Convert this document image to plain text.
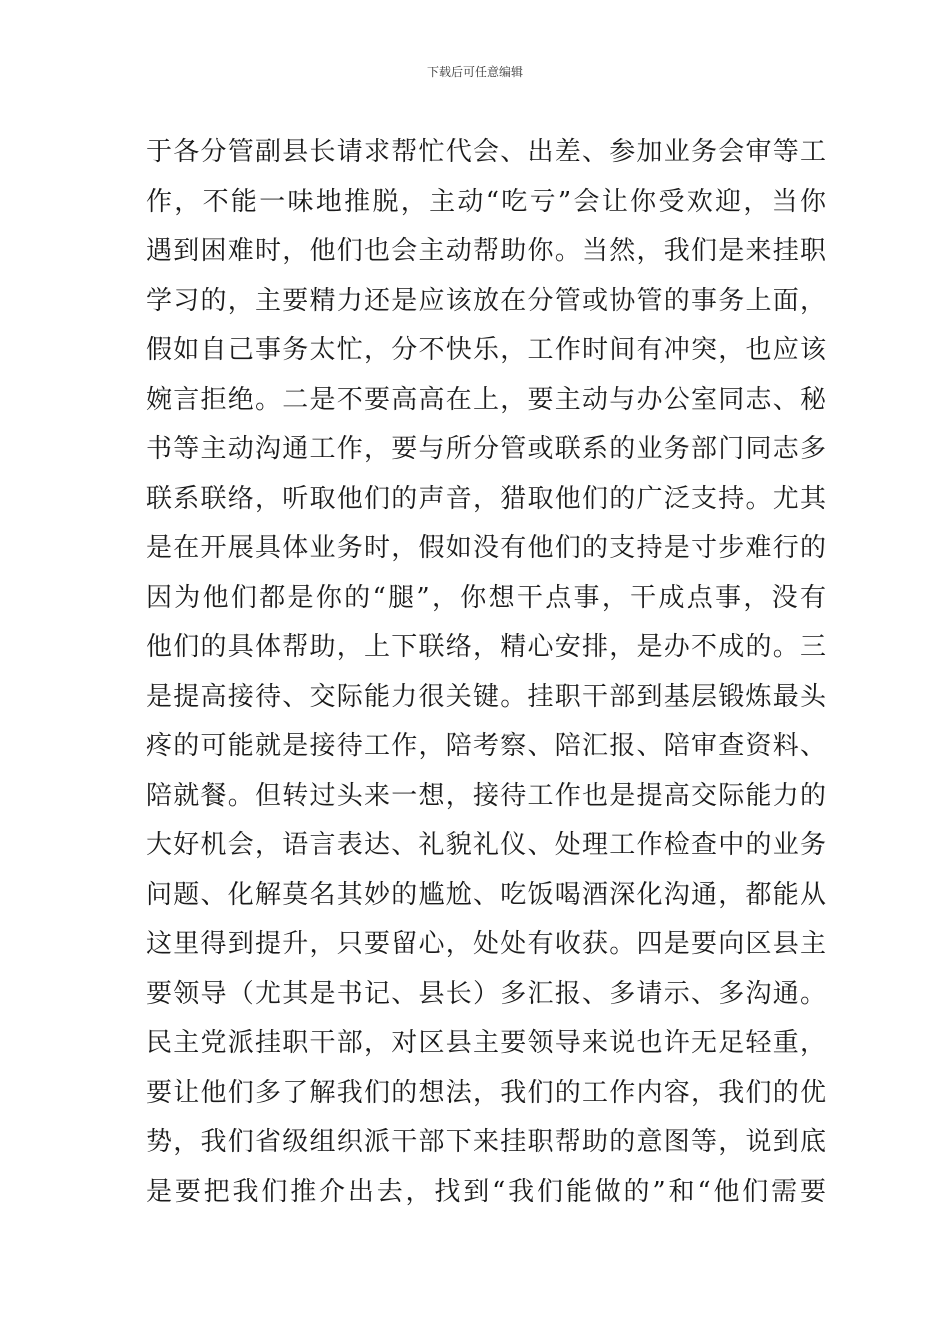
下载后可任意编辑
于各分管副县长请求帮忙代会、出差、参加业务会审等工
作，不能一味地推脱，主动“吃亏”会让你受欢迎，当你
遇到困难时，他们也会主动帮助你。当然，我们是来挂职
学习的，主要精力还是应该放在分管或协管的事务上面，
假如自己事务太忙，分不快乐，工作时间有冲突，也应该
婉言拒绝。二是不要高高在上，要主动与办公室同志、秘
书等主动沟通工作，要与所分管或联系的业务部门同志多
联系联络，听取他们的声音，猎取他们的广泛支持。尤其
是在开展具体业务时，假如没有他们的支持是寸步难行的
因为他们都是你的“腿”，你想干点事，干成点事，没有
他们的具体帮助，上下联络，精心安排，是办不成的。三
是提高接待、交际能力很关键。挂职干部到基层锻炼最头
疼的可能就是接待工作，陪考察、陪汇报、陪审查资料、
陪就餐。但转过头来一想，接待工作也是提高交际能力的
大好机会，语言表达、礼貌礼仪、处理工作检查中的业务
问题、化解莫名其妙的尴尬、吃饭喝酒深化沟通，都能从
这里得到提升，只要留心，处处有收获。四是要向区县主
要领导（尤其是书记、县长）多汇报、多请示、多沟通。
民主党派挂职干部，对区县主要领导来说也许无足轻重，
要让他们多了解我们的想法，我们的工作内容，我们的优
势，我们省级组织派干部下来挂职帮助的意图等，说到底
是要把我们推介出去，找到“我们能做的”和“他们需要
